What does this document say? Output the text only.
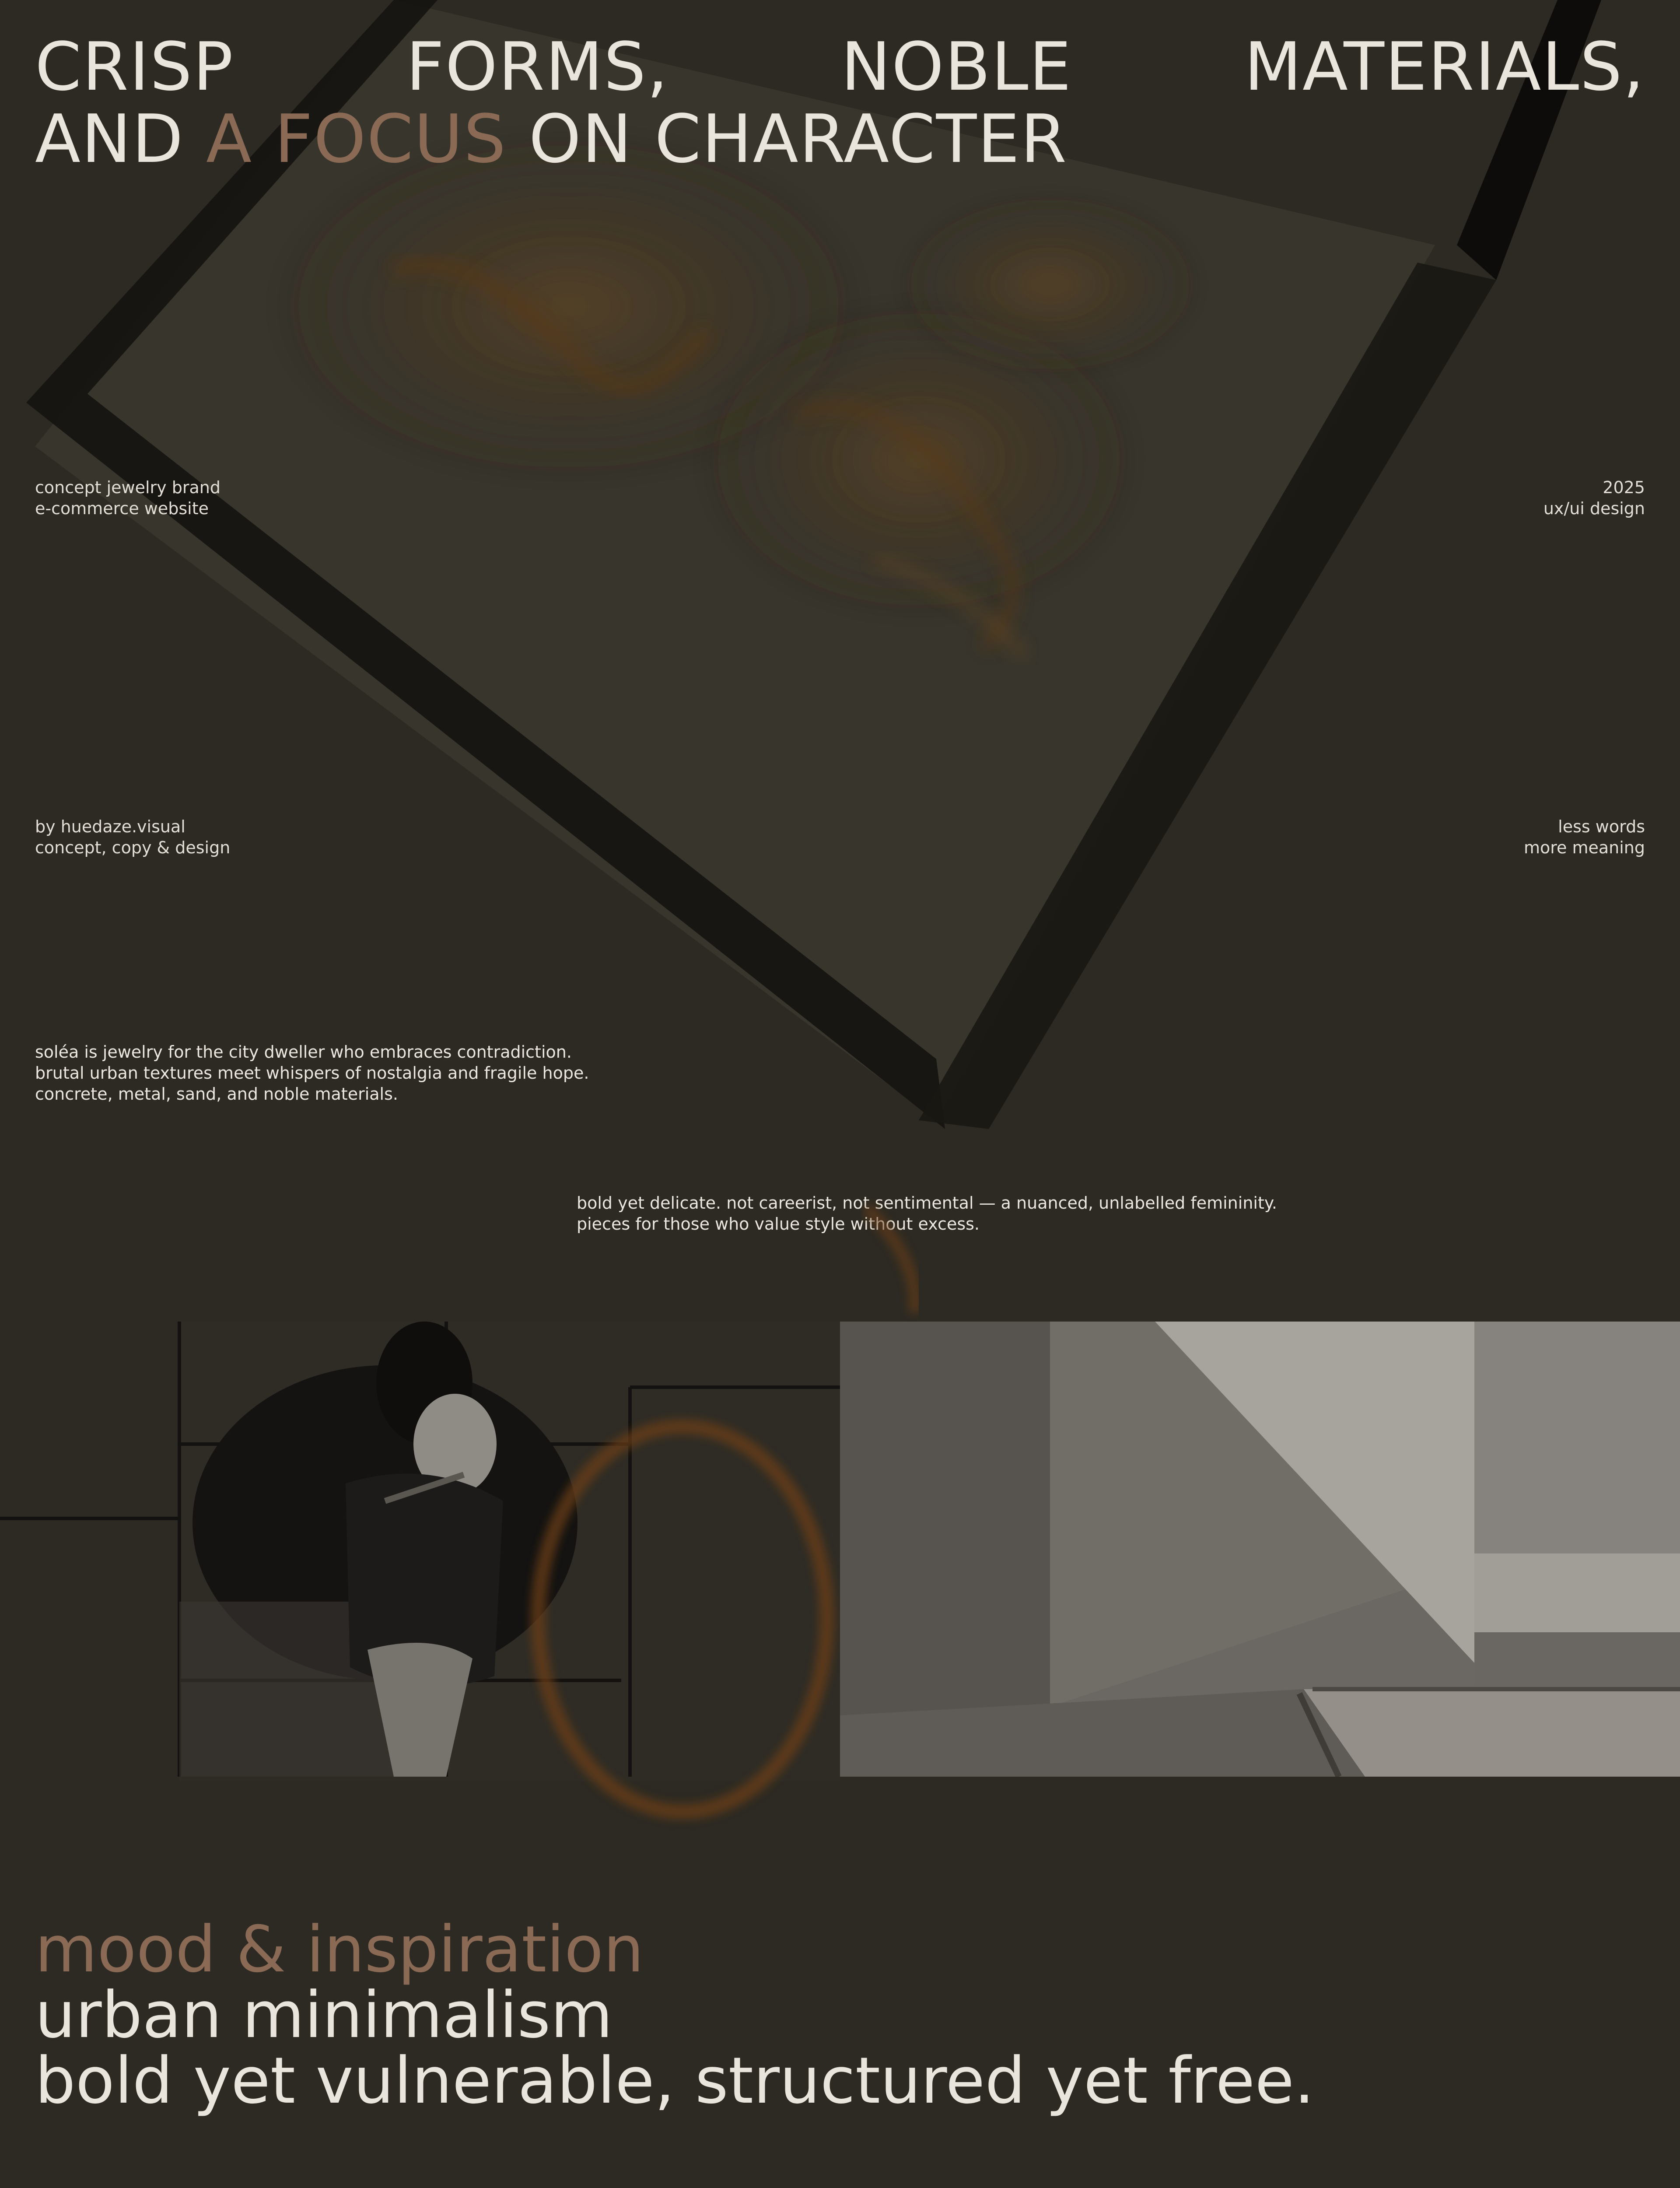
CRISP	FORMS,	NOBLE	MATERIALS,
AND A FOCUS ON CHARACTER

concept jewelry brand
e-commerce website

2025
ux/ui design

by huedaze.visual
concept, copy & design

less words
more meaning

soléa is jewelry for the city dweller who embraces contradiction.
brutal urban textures meet whispers of nostalgia and fragile hope.
concrete, metal, sand, and noble materials.
bold yet delicate. not careerist, not sentimental — a nuanced, unlabelled femininity.
pieces for those who value style without excess.
mood & inspiration
urban minimalism
bold yet vulnerable, structured yet free.
